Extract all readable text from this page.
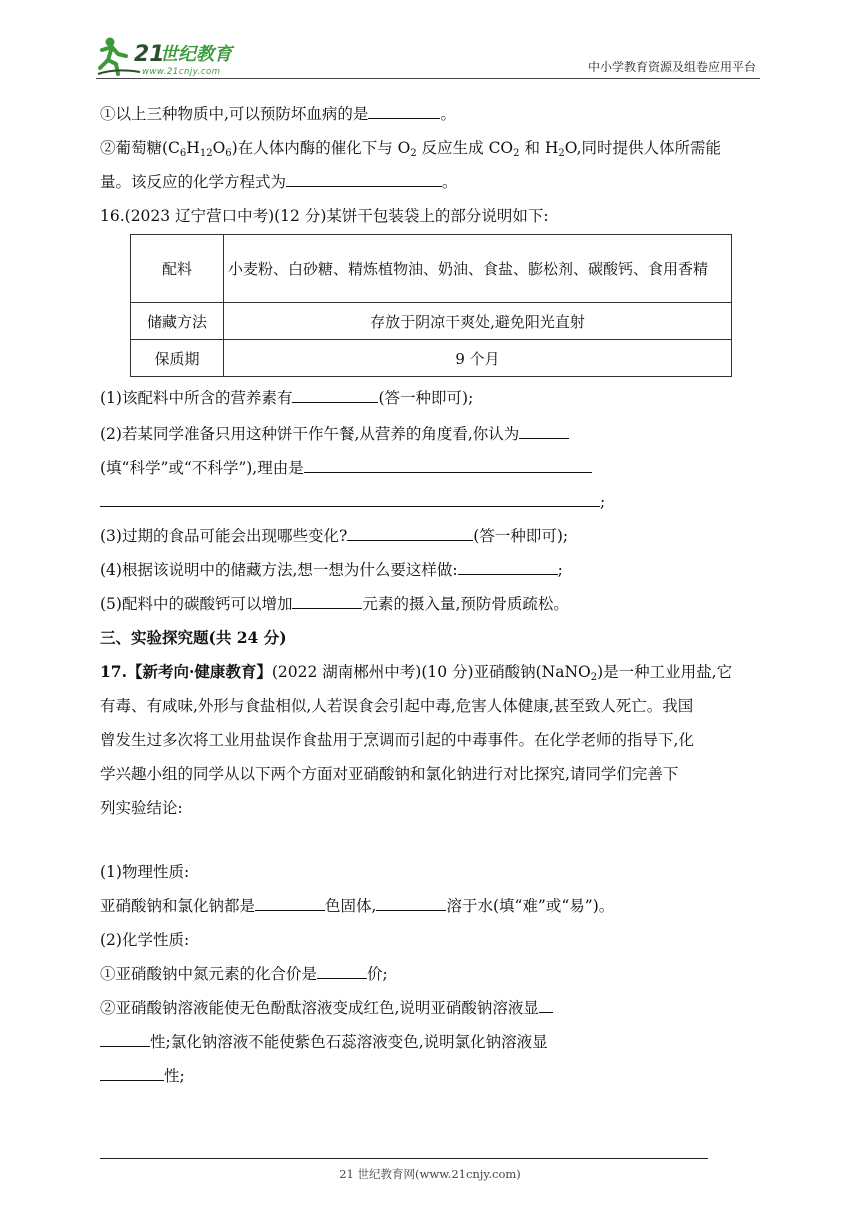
21
世纪教育
www.21cnjy.com	中小学教育资源及组卷应用平台
①以上三种物质中,可以预防坏血病的是	。
②葡萄糖$(C_6H_{12}O_6)$在人体内酶的催化下与 $O_2$ 反应生成 $CO_2$ 和 $H_2O$,同时提供人体所需能
量。该反应的化学方程式为	。
16.(2023 辽宁营口中考)(12 分)某饼干包装袋上的部分说明如下:
配料	小麦粉、白砂糖、精炼植物油、奶油、食盐、膨松剂、碳酸钙、食用香精
储藏方法	存放于阴凉干爽处,避免阳光直射
保质期	9 个月
(1)该配料中所含的营养素有	(答一种即可);
(2)若某同学准备只用这种饼干作午餐,从营养的角度看,你认为
(填“科学”或“不科学”),理由是
;
(3)过期的食品可能会出现哪些变化?	(答一种即可);
(4)根据该说明中的储藏方法,想一想为什么要这样做:	;
(5)配料中的碳酸钙可以增加	元素的摄入量,预防骨质疏松。
三、实验探究题(共 24 分)
17.【新考向·健康教育】(2022 湖南郴州中考)(10 分)亚硝酸钠(NaNO$_2$)是一种工业用盐,它
有毒、有咸味,外形与食盐相似,人若误食会引起中毒,危害人体健康,甚至致人死亡。我国
曾发生过多次将工业用盐误作食盐用于烹调而引起的中毒事件。在化学老师的指导下,化
学兴趣小组的同学从以下两个方面对亚硝酸钠和氯化钠进行对比探究,请同学们完善下
列实验结论:
(1)物理性质:
亚硝酸钠和氯化钠都是	色固体,	溶于水(填“难”或“易”)。
(2)化学性质:
①亚硝酸钠中氮元素的化合价是	价;
②亚硝酸钠溶液能使无色酚酞溶液变成红色,说明亚硝酸钠溶液显
性;氯化钠溶液不能使紫色石蕊溶液变色,说明氯化钠溶液显
性;
21 世纪教育网(www.21cnjy.com)
